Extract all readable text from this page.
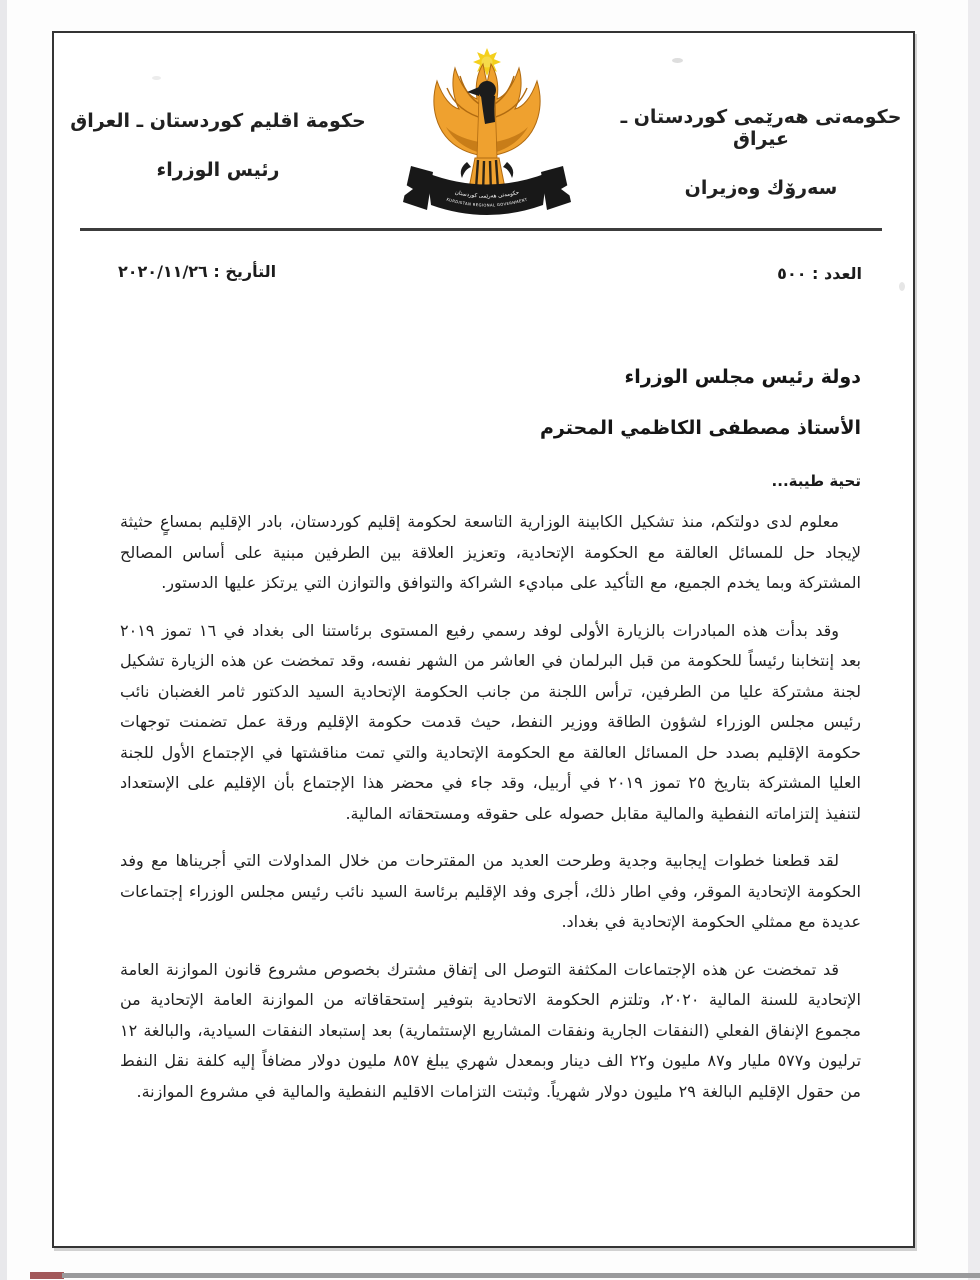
حكومة اقليم كوردستان ـ العراق
رئيس الوزراء
حكومه‌تى هه‌رێمى كوردستان
KURDISTAN REGIONAL GOVERNMENT
حكومه‌تى هه‌رێمى كوردستان ـ عيراق
سه‌رۆك وه‌زيران
العدد : ٥٠٠
التأريخ : ٢٠٢٠/١١/٢٦
دولة رئيس مجلس الوزراء
الأستاذ مصطفى الكاظمي المحترم
تحية طيبة...

معلوم لدى دولتكم، منذ تشكيل الكابينة الوزارية التاسعة لحكومة إقليم كوردستان، بادر الإقليم بمساعٍ حثيثة لإيجاد حل للمسائل العالقة مع الحكومة الإتحادية، وتعزيز العلاقة بين الطرفين مبنية على أساس المصالح المشتركة وبما يخدم الجميع، مع التأكيد على مباديء الشراكة والتوافق والتوازن التي يرتكز عليها الدستور.

وقد بدأت هذه المبادرات بالزيارة الأولى لوفد رسمي رفيع المستوى برئاستنا الى بغداد في ١٦ تموز ٢٠١٩ بعد إنتخابنا رئيساً للحكومة من قبل البرلمان في العاشر من الشهر نفسه، وقد تمخضت عن هذه الزيارة تشكيل لجنة مشتركة عليا من الطرفين، ترأس اللجنة من جانب الحكومة الإتحادية السيد الدكتور ثامر الغضبان نائب رئيس مجلس الوزراء لشؤون الطاقة ووزير النفط، حيث قدمت حكومة الإقليم ورقة عمل تضمنت توجهات حكومة الإقليم بصدد حل المسائل العالقة مع الحكومة الإتحادية والتي تمت مناقشتها في الإجتماع الأول للجنة العليا المشتركة بتاريخ ٢٥ تموز ٢٠١٩ في أربيل، وقد جاء في محضر هذا الإجتماع بأن الإقليم على الإستعداد لتنفيذ إلتزاماته النفطية والمالية مقابل حصوله على حقوقه ومستحقاته المالية.

لقد قطعنا خطوات إيجابية وجدية وطرحت العديد من المقترحات من خلال المداولات التي أجريناها مع وفد الحكومة الإتحادية الموقر، وفي اطار ذلك، أجرى وفد الإقليم برئاسة السيد نائب رئيس مجلس الوزراء إجتماعات عديدة مع ممثلي الحكومة الإتحادية في بغداد.

قد تمخضت عن هذه الإجتماعات المكثفة التوصل الى إتفاق مشترك بخصوص مشروع قانون الموازنة العامة الإتحادية للسنة المالية ٢٠٢٠، وتلتزم الحكومة الاتحادية بتوفير إستحقاقاته من الموازنة العامة الإتحادية من مجموع الإنفاق الفعلي (النفقات الجارية ونفقات المشاريع الإستثمارية) بعد إستبعاد النفقات السيادية، والبالغة ١٢ ترليون و٥٧٧ مليار و٨٧ مليون و٢٢ الف دينار وبمعدل شهري يبلغ ٨٥٧ مليون دولار مضافاً إليه كلفة نقل النفط من حقول الإقليم البالغة ٢٩ مليون دولار شهرياً. وثبتت التزامات الاقليم النفطية والمالية في مشروع الموازنة.
